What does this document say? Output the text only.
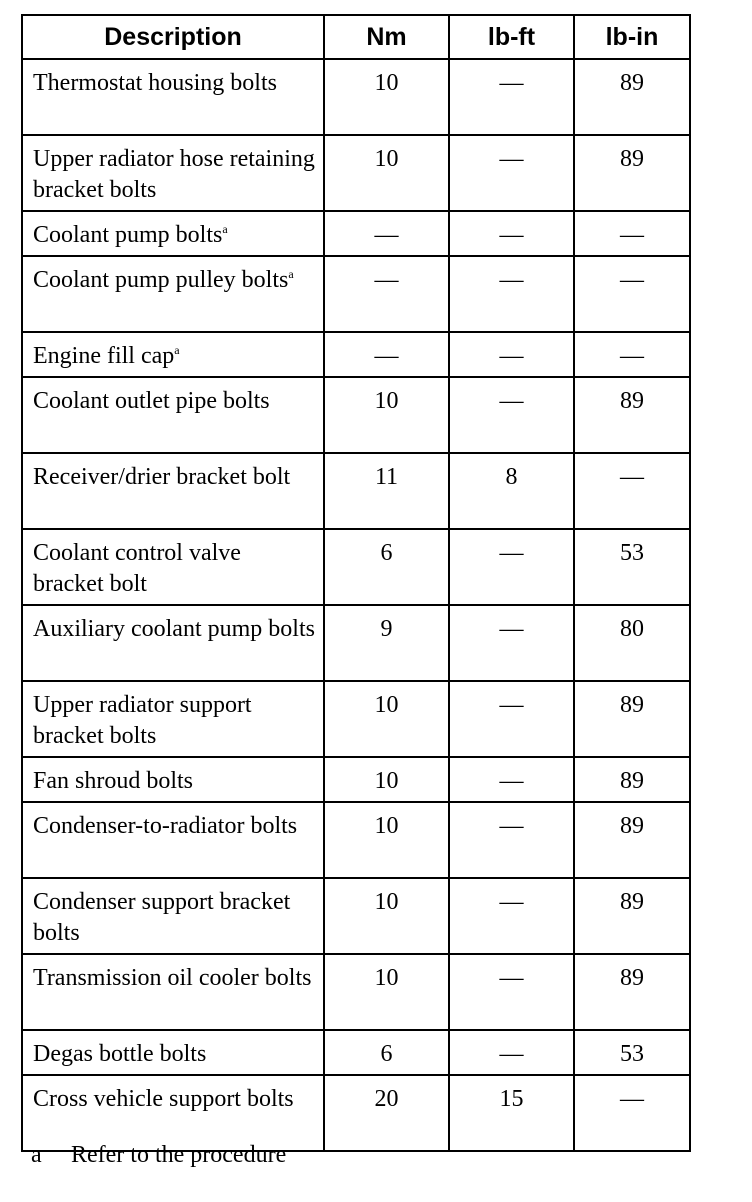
Description	Nm	lb-ft	lb-in
Thermostat housing bolts	10	—	89
Upper radiator hose retaining bracket bolts	10	—	89
Coolant pump bolts$^a$	—	—	—
Coolant pump pulley bolts$^a$	—	—	—
Engine fill cap$^a$	—	—	—
Coolant outlet pipe bolts	10	—	89
Receiver/drier bracket bolt	11	8	—
Coolant control valve bracket bolt	6	—	53
Auxiliary coolant pump bolts	9	—	80
Upper radiator support bracket bolts	10	—	89
Fan shroud bolts	10	—	89
Condenser-to-radiator bolts	10	—	89
Condenser support bracket bolts	10	—	89
Transmission oil cooler bolts	10	—	89
Degas bottle bolts	6	—	53
Cross vehicle support bolts	20	15	—
a Refer to the procedure
